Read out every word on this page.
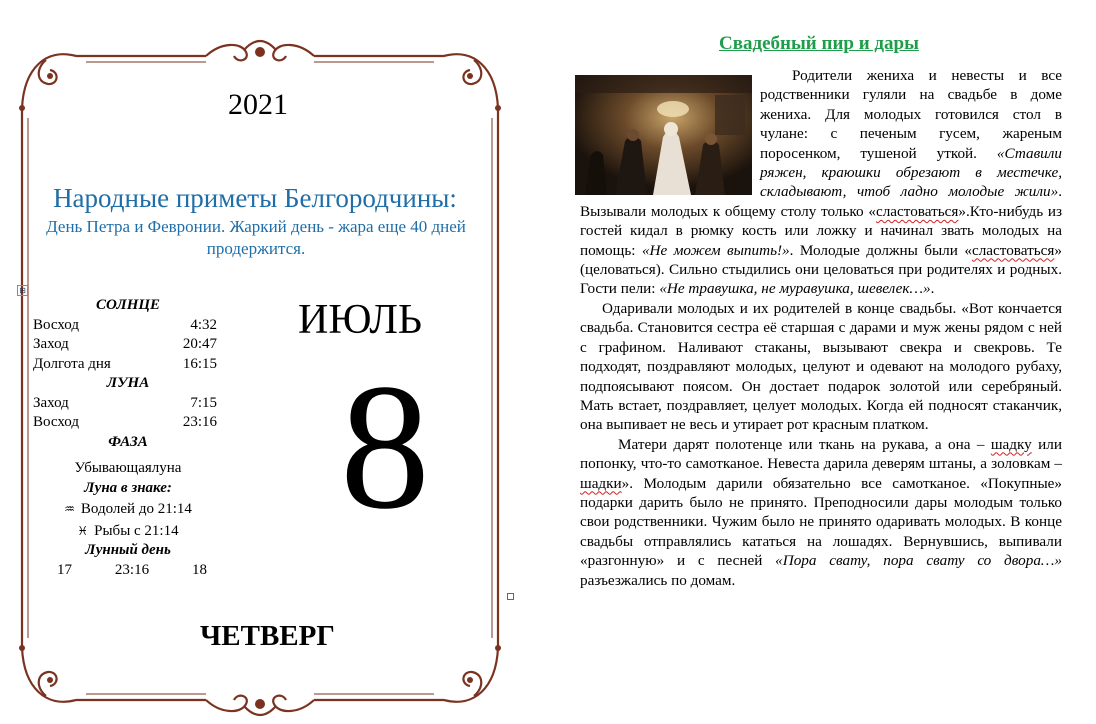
2021
Народные приметы Белгородчины:
День Петра и Февронии. Жаркий день - жара еще 40 дней продержится.
⊞
СОЛНЦЕ
Восход	4:32
Заход	20:47
Долгота дня	16:15
ЛУНА
Заход	7:15
Восход	23:16
ФАЗА
Убывающаялуна
Луна в знаке:
♒ Водолей до 21:14
♓ Рыбы с 21:14
Лунный день
17	23:16	18
ИЮЛЬ
8
ЧЕТВЕРГ
Свадебный пир и дары

Родители жениха и невесты и все родственники гуляли на свадьбе в доме жениха. Для молодых готовился стол в чулане: с печеным гусем, жареным поросенком, тушеной уткой. «Ставили ряжен, краюшки обрезают в местечке, складывают, чтоб ладно молодые жили». Вызывали молодых к общему столу только «сластоваться».Кто-нибудь из гостей кидал в рюмку кость или ложку и начинал звать молодых на помощь: «Не можем выпить!». Молодые должны были «сластоваться» (целоваться). Сильно стыдились они целоваться при родителях и родных. Гости пели: «Не травушка, не муравушка, шевелек…».

Одаривали молодых и их родителей в конце свадьбы. «Вот кончается свадьба. Становится сестра её старшая с дарами и муж жены рядом с ней с графином. Наливают стаканы, вызывают свекра и свекровь. Те подходят, поздравляют молодых, целуют и одевают на молодого рубаху, подпоясывают поясом. Он достает подарок золотой или серебряный. Мать встает, поздравляет, целует молодых. Когда ей подносят стаканчик, она выпивает не весь и утирает рот красным платком.

Матери дарят полотенце или ткань на рукава, а она – шадку или попонку, что-то самотканое. Невеста дарила деверям штаны, а золовкам – шадки». Молодым дарили обязательно все самотканое. «Покупные» подарки дарить было не принято. Преподносили дары молодым только свои родственники. Чужим было не принято одаривать молодых. В конце свадьбы отправлялись кататься на лошадях. Вернувшись, выпивали «разгонную» и с песней «Пора свату, пора свату со двора…» разъезжались по домам.
